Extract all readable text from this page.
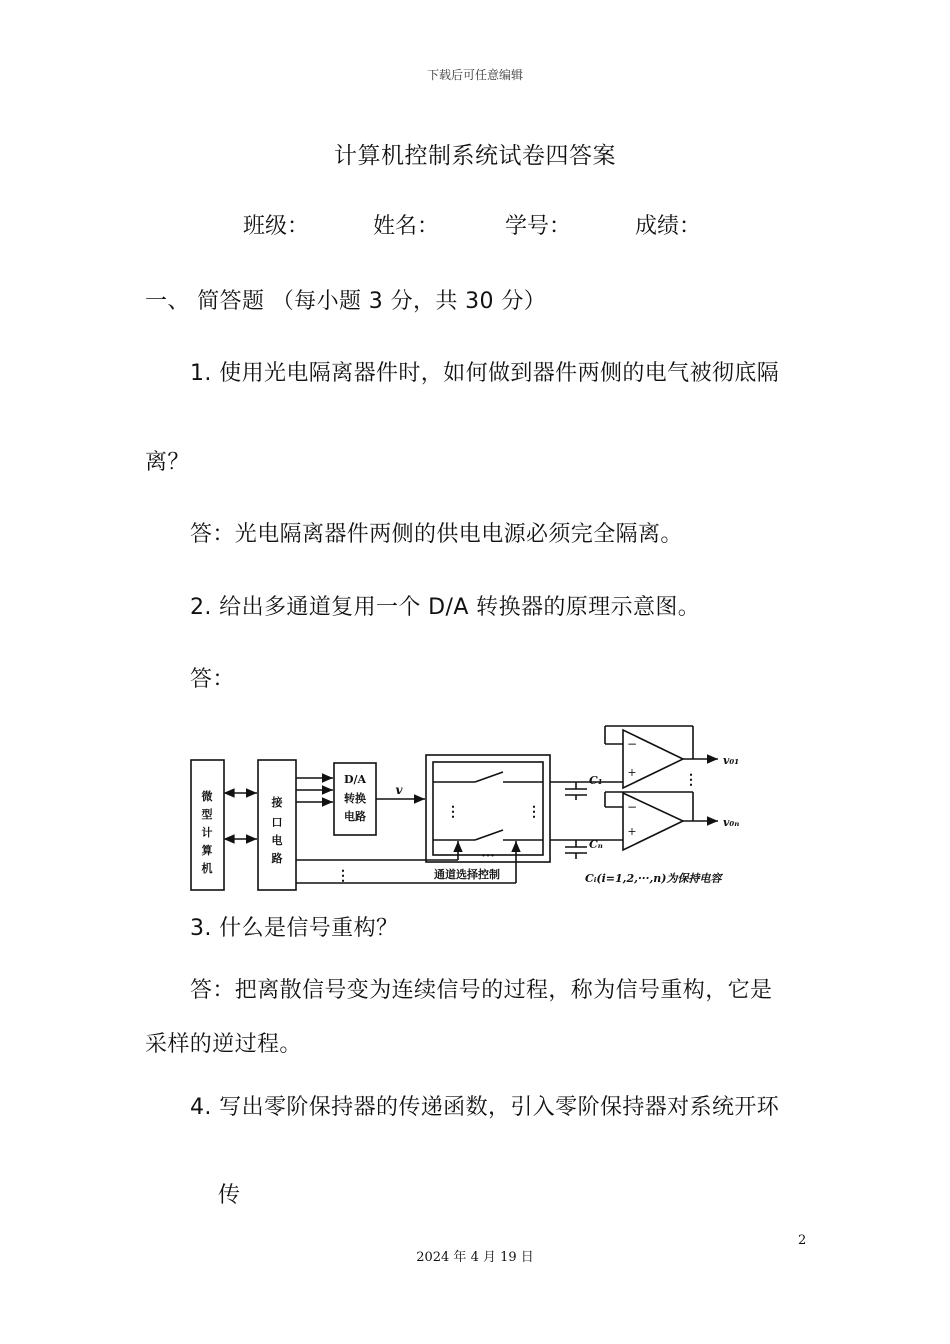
下载后可任意编辑
计算机控制系统试卷四答案
班级：	姓名：	学号：	成绩：
一、 简答题 （每小题 3 分，共 30 分）
1. 使用光电隔离器件时，如何做到器件两侧的电气被彻底隔
离？
答：光电隔离器件两侧的供电电源必须完全隔离。
2. 给出多通道复用一个 D/A 转换器的原理示意图。
答：
微
型
计
算
机
接
口
电
路
D/A
转换
电路
v
⋮	⋮
···
⋮	通道选择控制
C₁
Cₙ
−
+
−
+
⋮
v₀₁
v₀ₙ
Cᵢ(i=1,2,···,n)为保持电容
3. 什么是信号重构？
答：把离散信号变为连续信号的过程，称为信号重构，它是
采样的逆过程。
4. 写出零阶保持器的传递函数，引入零阶保持器对系统开环
传
2
2024 年 4 月 19 日
